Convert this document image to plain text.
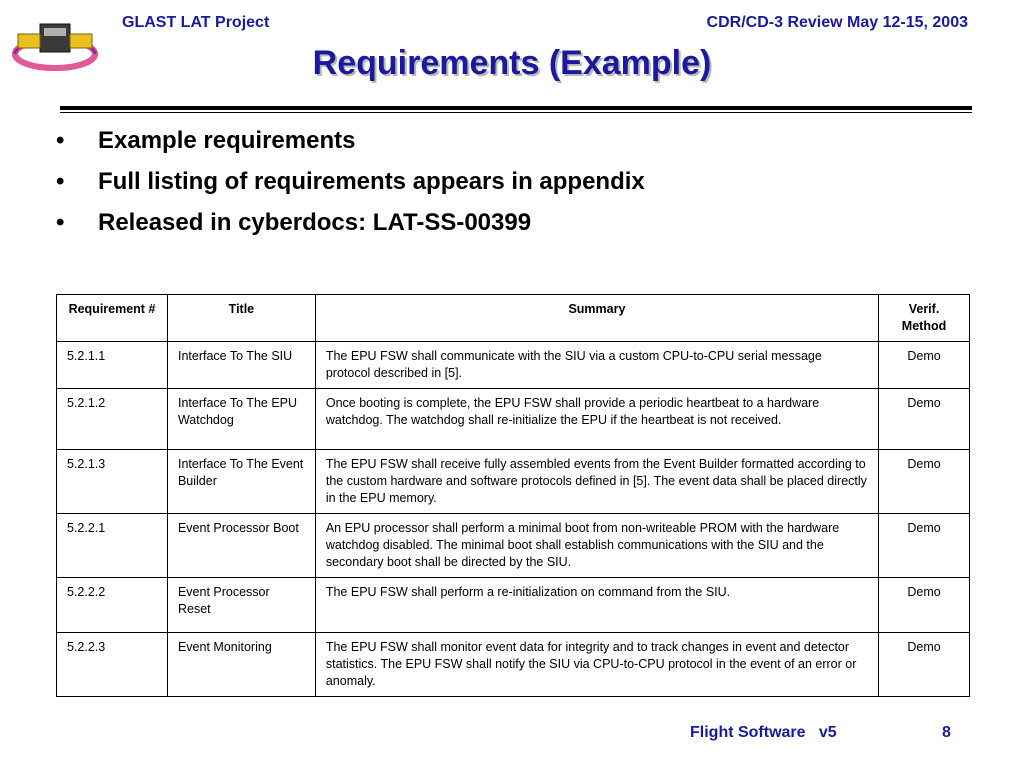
GLAST LAT Project	CDR/CD-3 Review May 12-15, 2003
Requirements (Example)
•	Example requirements
•	Full listing of requirements appears in appendix
•	Released in cyberdocs: LAT-SS-00399
Requirement #	Title	Summary	Verif. Method
5.2.1.1	Interface To The SIU	The EPU FSW shall communicate with the SIU via a custom CPU-to-CPU serial message protocol described in [5].	Demo
5.2.1.2	Interface To The EPU Watchdog	Once booting is complete, the EPU FSW shall provide a periodic heartbeat to a hardware watchdog. The watchdog shall re-initialize the EPU if the heartbeat is not received.	Demo
5.2.1.3	Interface To The Event Builder	The EPU FSW shall receive fully assembled events from the Event Builder formatted according to the custom hardware and software protocols defined in [5]. The event data shall be placed directly in the EPU memory.	Demo
5.2.2.1	Event Processor Boot	An EPU processor shall perform a minimal boot from non-writeable PROM with the hardware watchdog disabled. The minimal boot shall establish communications with the SIU and the secondary boot shall be directed by the SIU.	Demo
5.2.2.2	Event Processor Reset	The EPU FSW shall perform a re-initialization on command from the SIU.	Demo
5.2.2.3	Event Monitoring	The EPU FSW shall monitor event data for integrity and to track changes in event and detector statistics. The EPU FSW shall notify the SIU via CPU-to-CPU protocol in the event of an error or anomaly.	Demo
Flight Software   v5	8
